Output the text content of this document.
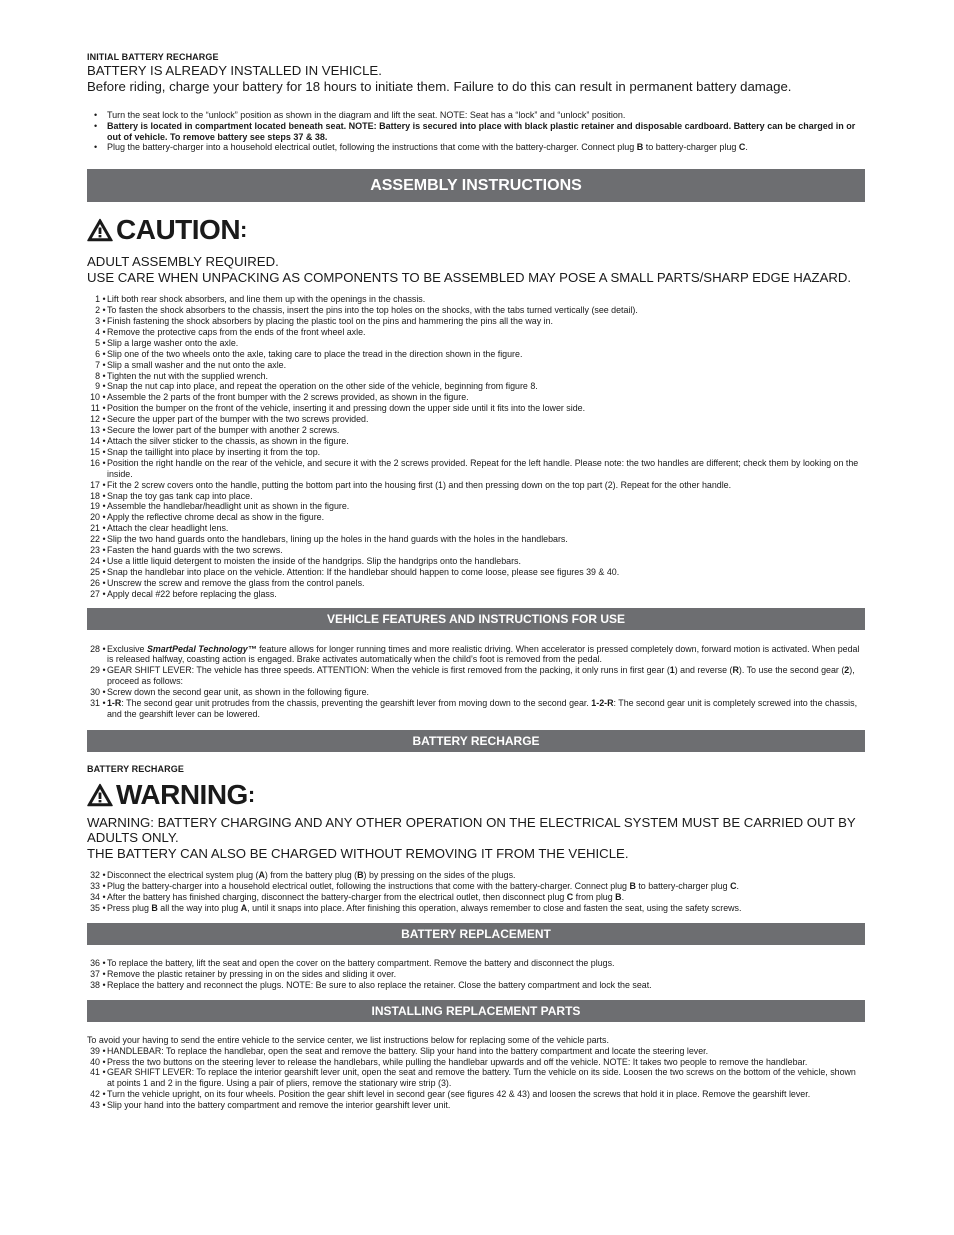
INITIAL BATTERY RECHARGE

BATTERY IS ALREADY INSTALLED IN VEHICLE.

Before riding, charge your battery for 18 hours to initiate them. Failure to do this can result in permanent battery damage.

• Turn the seat lock to the “unlock” position as shown in the diagram and lift the seat. NOTE: Seat has a “lock” and “unlock” position.
• Battery is located in compartment located beneath seat. NOTE: Battery is secured into place with black plastic retainer and disposable cardboard. Battery can be charged in or out of vehicle. To remove battery see steps 37 & 38.
• Plug the battery-charger into a household electrical outlet, following the instructions that come with the battery-charger. Connect plug B to battery-charger plug C.
ASSEMBLY INSTRUCTIONS
CAUTION :

ADULT ASSEMBLY REQUIRED.

USE CARE WHEN UNPACKING AS COMPONENTS TO BE ASSEMBLED MAY POSE A SMALL PARTS/SHARP EDGE HAZARD.

1 • Lift both rear shock absorbers, and line them up with the openings in the chassis.
2 • To fasten the shock absorbers to the chassis, insert the pins into the top holes on the shocks, with the tabs turned vertically (see detail).
3 • Finish fastening the shock absorbers by placing the plastic tool on the pins and hammering the pins all the way in.
4 • Remove the protective caps from the ends of the front wheel axle.
5 • Slip a large washer onto the axle.
6 • Slip one of the two wheels onto the axle, taking care to place the tread in the direction shown in the figure.
7 • Slip a small washer and the nut onto the axle.
8 • Tighten the nut with the supplied wrench.
9 • Snap the nut cap into place, and repeat the operation on the other side of the vehicle, beginning from figure 8.
10 • Assemble the 2 parts of the front bumper with the 2 screws provided, as shown in the figure.
11 • Position the bumper on the front of the vehicle, inserting it and pressing down the upper side until it fits into the lower side.
12 • Secure the upper part of the bumper with the two screws provided.
13 • Secure the lower part of the bumper with another 2 screws.
14 • Attach the silver sticker to the chassis, as shown in the figure.
15 • Snap the taillight into place by inserting it from the top.
16 • Position the right handle on the rear of the vehicle, and secure it with the 2 screws provided. Repeat for the left handle. Please note: the two handles are different; check them by looking on the inside.
17 • Fit the 2 screw covers onto the handle, putting the bottom part into the housing first (1) and then pressing down on the top part (2). Repeat for the other handle.
18 • Snap the toy gas tank cap into place.
19 • Assemble the handlebar/headlight unit as shown in the figure.
20 • Apply the reflective chrome decal as show in the figure.
21 • Attach the clear headlight lens.
22 • Slip the two hand guards onto the handlebars, lining up the holes in the hand guards with the holes in the handlebars.
23 • Fasten the hand guards with the two screws.
24 • Use a little liquid detergent to moisten the inside of the handgrips. Slip the handgrips onto the handlebars.
25 • Snap the handlebar into place on the vehicle. Attention: If the handlebar should happen to come loose, please see figures 39 & 40.
26 • Unscrew the screw and remove the glass from the control panels.
27 • Apply decal #22 before replacing the glass.
VEHICLE FEATURES AND INSTRUCTIONS FOR USE
28 • Exclusive SmartPedal Technology™ feature allows for longer running times and more realistic driving. When accelerator is pressed completely down, forward motion is activated. When pedal is released halfway, coasting action is engaged. Brake activates automatically when the child’s foot is removed from the pedal.
29 • GEAR SHIFT LEVER: The vehicle has three speeds. ATTENTION: When the vehicle is first removed from the packing, it only runs in first gear (1) and reverse (R). To use the second gear (2), proceed as follows:
30 • Screw down the second gear unit, as shown in the following figure.
31 • 1-R: The second gear unit protrudes from the chassis, preventing the gearshift lever from moving down to the second gear. 1-2-R: The second gear unit is completely screwed into the chassis, and the gearshift lever can be lowered.
BATTERY RECHARGE

BATTERY RECHARGE

WARNING :

WARNING: BATTERY CHARGING AND ANY OTHER OPERATION ON THE ELECTRICAL SYSTEM MUST BE CARRIED OUT BY ADULTS ONLY.

THE BATTERY CAN ALSO BE CHARGED WITHOUT REMOVING IT FROM THE VEHICLE.

32 • Disconnect the electrical system plug (A) from the battery plug (B) by pressing on the sides of the plugs.
33 • Plug the battery-charger into a household electrical outlet, following the instructions that come with the battery-charger. Connect plug B to battery-charger plug C.
34 • After the battery has finished charging, disconnect the battery-charger from the electrical outlet, then disconnect plug C from plug B.
35 • Press plug B all the way into plug A, until it snaps into place. After finishing this operation, always remember to close and fasten the seat, using the safety screws.
BATTERY REPLACEMENT
36 • To replace the battery, lift the seat and open the cover on the battery compartment. Remove the battery and disconnect the plugs.
37 • Remove the plastic retainer by pressing in on the sides and sliding it over.
38 • Replace the battery and reconnect the plugs. NOTE: Be sure to also replace the retainer. Close the battery compartment and lock the seat.
INSTALLING REPLACEMENT PARTS

To avoid your having to send the entire vehicle to the service center, we list instructions below for replacing some of the vehicle parts.

39 • HANDLEBAR: To replace the handlebar, open the seat and remove the battery. Slip your hand into the battery compartment and locate the steering lever.
40 • Press the two buttons on the steering lever to release the handlebars, while pulling the handlebar upwards and off the vehicle. NOTE: It takes two people to remove the handlebar.
41 • GEAR SHIFT LEVER: To replace the interior gearshift lever unit, open the seat and remove the battery. Turn the vehicle on its side. Loosen the two screws on the bottom of the vehicle, shown at points 1 and 2 in the figure. Using a pair of pliers, remove the stationary wire strip (3).
42 • Turn the vehicle upright, on its four wheels. Position the gear shift level in second gear (see figures 42 & 43) and loosen the screws that hold it in place. Remove the gearshift lever.
43 • Slip your hand into the battery compartment and remove the interior gearshift lever unit.
